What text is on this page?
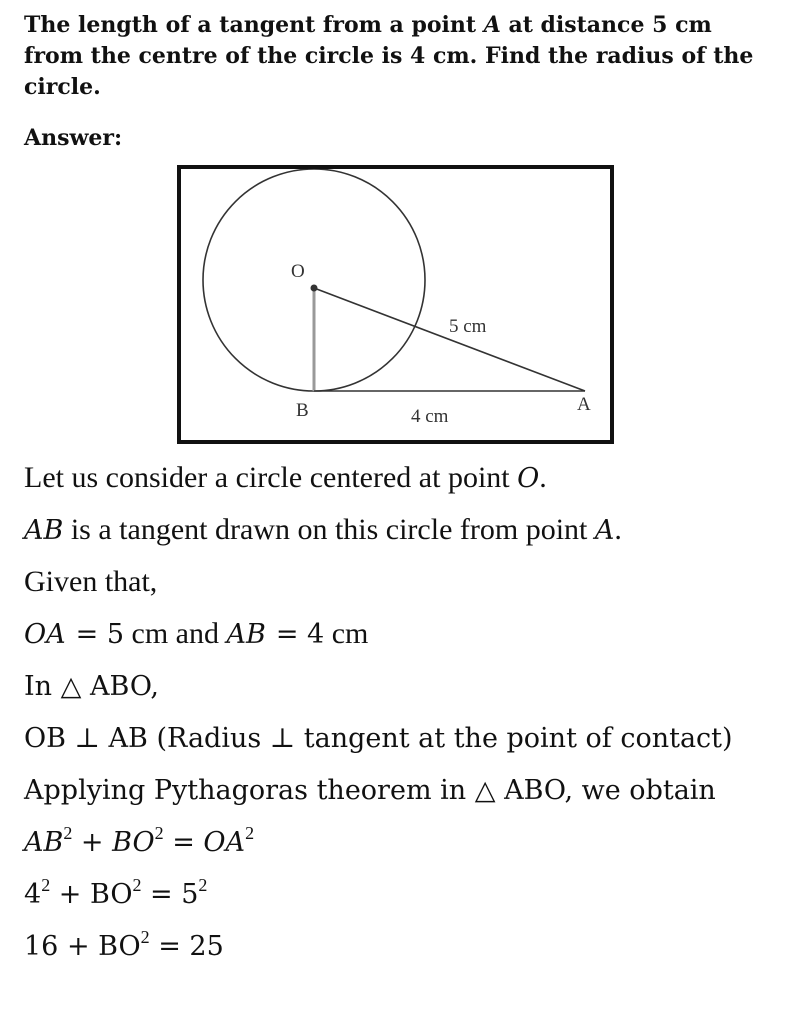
The length of a tangent from a point A at distance 5 cm from the centre of the circle is 4 cm. Find the radius of the circle.
Answer:
O
B	A
5 cm
4 cm
Let us consider a circle centered at point O.
AB is a tangent drawn on this circle from point A.
Given that,
OA = 5 cm and AB = 4 cm
In △ ABO,
OB ⊥ AB (Radius ⊥ tangent at the point of contact)
Applying Pythagoras theorem in △ ABO, we obtain
$AB^2 + BO^2 = OA^2$
$4^2 + BO^2 = 5^2$
$16 + BO^2 = 25$
